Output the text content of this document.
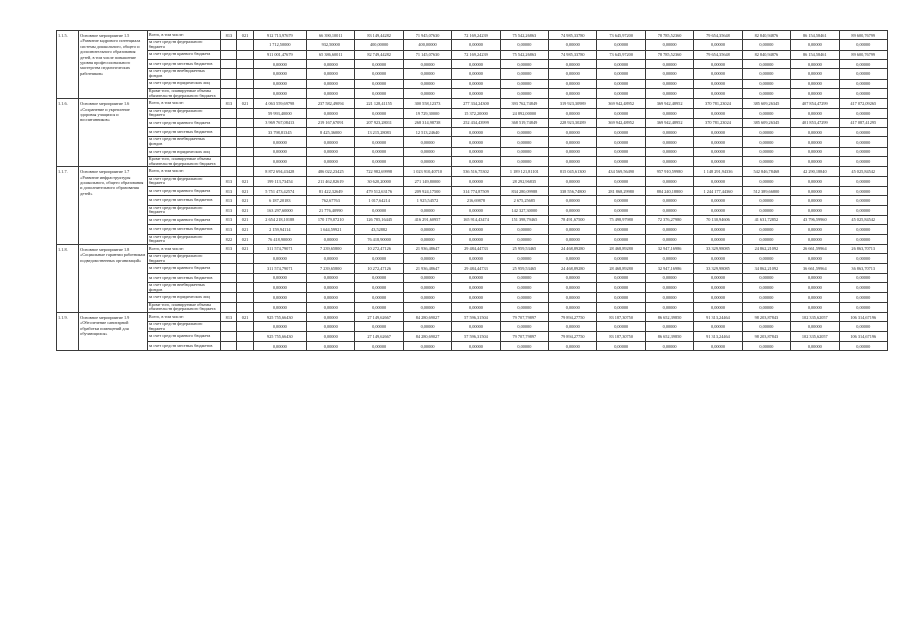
1.1.5.	Основное мероприятие 1.5 «Развитие кадрового потенциала системы дошкольного, общего и дополнительного образования детей, в том числе повышение уровня профессионального мастерства педагогических работников»	Всего, в том числе:	813	021	912 713,97679	66 390,10011	83 149,44282	71 945,07630	72 169,24239	75 542,26863	74 985,33780	73 645,97200	78 785,52360	79 654,35648	82 840,94876	86 154,58461	89 600,76799
		за счет средств федерального бюджета			1 712,50000	932,50000	400,00000	400,00000	0,00000	0,00000	0,00000	0,00000	0,00000	0,00000	0,00000	0,00000	0,00000
		за счет средств краевого бюджета			911 001,47679	65 386,60011	82 749,44282	71 145,07630	72 169,24239	75 542,26863	74 985,33780	73 645,97200	78 785,52360	79 654,35648	82 840,94876	86 154,58461	89 600,76799
		за счет средств местных бюджетов			0,00000	0,00000	0,00000	0,00000	0,00000	0,00000	0,00000	0,00000	0,00000	0,00000	0,00000	0,00000	0,00000
		за счет средств внебюджетных фондов			0,00000	0,00000	0,00000	0,00000	0,00000	0,00000	0,00000	0,00000	0,00000	0,00000	0,00000	0,00000	0,00000
		за счет средств юридических лиц			0,00000	0,00000	0,00000	0,00000	0,00000	0,00000	0,00000	0,00000	0,00000	0,00000	0,00000	0,00000	0,00000
		Кроме того, планируемые объемы обязательств федерального бюджета			0,00000	0,00000	0,00000	0,00000	0,00000	0,00000	0,00000	0,00000	0,00000	0,00000	0,00000	0,00000	0,00000
1.1.6.	Основное мероприятие 1.6 «Сохранение и укрепление здоровья учащихся и воспитанников»	Всего, в том числе:	813	021	4 063 559,69798	237 582,49094	221 128,41155	300 558,12373	277 334,24300	393 762,74849	319 923,30989	369 942,48952	369 942,48952	370 781,23024	385 609,26345	407 854,47299	417 072,09265
		за счет средств федерального бюджета			59 993,40000	0,00000	0,00000	19 729,30000	15 372,20000	24 892,00000	0,00000	0,00000	0,00000	0,00000	0,00000	0,00000	0,00000
		за счет средств краевого бюджета			3 969 767,08413	219 167,67091	207 923,28011	268 314,98738	252 434,43999	368 519,74849	228 923,30289	369 942,48952	369 942,48952	370 781,23024	385 609,26345	401 853,47299	417 087,41295
		за счет средств местных бюджетов			33 798,81345	8 425,36000	13 215,28083	12 513,24640	0,00000	0,00000	0,00000	0,00000	0,00000	0,00000	0,00000	0,00000	0,00000
		за счет средств внебюджетных фондов			0,00000	0,00000	0,00000	0,00000	0,00000	0,00000	0,00000	0,00000	0,00000	0,00000	0,00000	0,00000	0,00000
		за счет средств юридических лиц			0,00000	0,00000	0,00000	0,00000	0,00000	0,00000	0,00000	0,00000	0,00000	0,00000	0,00000	0,00000	0,00000
		Кроме того, планируемые объемы обязательств федерального бюджета			0,00000	0,00000	0,00000	0,00000	0,00000	0,00000	0,00000	0,00000	0,00000	0,00000	0,00000	0,00000	0,00000
1.1.7.	Основное мероприятие 1.7 «Развитие инфраструктуры дошкольного, общего образования и дополнительного образования детей»	Всего, в том числе:			8 872 694,43428	486 022,23425	722 982,69998	1 023 910,40710	536 516,75302	1 189 121,81101	815 045,61300	434 569,56490	957 910,59980	1 148 291,94336	542 846,78468	42 290,18840	45 025,84542
		за счет средств федерального бюджета	813	021	199 113,73454	211 462,82619	30 620,20000	271 149,80000	0,00000	28 292,96835	0,00000	0,00000	0,00000	0,00000	0,00000	0,00000	0,00000
		за счет средств краевого бюджета	813	021	5 751 473,42574	81 422,32649	479 512,63176	209 924,17500	314 774,87509	834 280,09988	338 556,74800	281 868,29980	884 240,18800	1 244 177,44360	512 389,66800	0,00000	0,00000
		за счет средств местных бюджетов	813	021	6 187,20183	762,67763	1 017,64214	1 925,54572	216,69878	2 675,25685	0,00000	0,00000	0,00000	0,00000	0,00000	0,00000	0,00000
		за счет средств федерального бюджета	813	021	163 297,60000	21 776,40990	0,00000	0,00000	0,00000	142 327,30000	0,00000	0,00000	0,00000	0,00000	0,00000	0,00000	0,00000
		за счет средств краевого бюджета	813	021	2 654 218,10188	170 179,07210	126 785,16445	416 291,60957	165 914,43474	151 398,79465	78 491,67500	75 498,97980	72 376,27980	70 130,94606	41 631,72852	43 796,59960	45 025,84542
		за счет средств местных бюджетов	813	021	2 159,94114	1 644,59921	43,52882	0,00000	0,00000	0,00000	0,00000	0,00000	0,00000	0,00000	0,00000	0,00000	0,00000
		за счет средств федерального бюджета	822	021	76 418,90000	0,00000	76 418,90000	0,00000	0,00000	0,00000	0,00000	0,00000	0,00000	0,00000	0,00000	0,00000	0,00000
1.1.8.	Основное мероприятие 1.8 «Социальные гарантии работникам подведомственных организаций»	Всего, в том числе:	813	021	311 574,79071	7 239,65800	10 272,47126	21 936,48647	29 484,44733	25 959,53465	24 468,89280	28 468,89280	32 947,16986	33 329,98085	24 862,21092	26 661,59964	26 863,70713
		за счет средств федерального бюджета			0,00000	0,00000	0,00000	0,00000	0,00000	0,00000	0,00000	0,00000	0,00000	0,00000	0,00000	0,00000	0,00000
		за счет средств краевого бюджета			311 574,79071	7 239,65800	10 272,47126	21 936,48647	29 484,44733	25 959,53465	24 468,89280	28 468,89280	32 947,16986	33 329,98085	34 862,21092	36 661,59964	36 863,70713
		за счет средств местных бюджетов			0,00000	0,00000	0,00000	0,00000	0,00000	0,00000	0,00000	0,00000	0,00000	0,00000	0,00000	0,00000	0,00000
		за счет средств внебюджетных фондов			0,00000	0,00000	0,00000	0,00000	0,00000	0,00000	0,00000	0,00000	0,00000	0,00000	0,00000	0,00000	0,00000
		за счет средств юридических лиц			0,00000	0,00000	0,00000	0,00000	0,00000	0,00000	0,00000	0,00000	0,00000	0,00000	0,00000	0,00000	0,00000
		Кроме того, планируемые объемы обязательств федерального бюджета			0,00000	0,00000	0,00000	0,00000	0,00000	0,00000	0,00000	0,00000	0,00000	0,00000	0,00000	0,00000	0,00000
1.1.9.	Основное мероприятие 1.9 «Обеспечение санитарной обработки помещений для обучающихся»	Всего, в том числе:	813	021	925 755,66430	0,00000	27 149,62667	84 280,69027	57 596,31504	79 707,79897	79 894,27750	83 187,30750	86 652,39850	91 313,24464	98 203,87843	102 335,62057	106 314,67196
		за счет средств федерального бюджета			0,00000	0,00000	0,00000	0,00000	0,00000	0,00000	0,00000	0,00000	0,00000	0,00000	0,00000	0,00000	0,00000
		за счет средств краевого бюджета			925 755,66430	0,00000	27 149,62667	84 280,69027	57 596,31504	79 707,79897	79 894,27750	83 187,30750	86 652,39850	91 313,24464	98 203,87843	102 335,62057	106 314,67196
		за счет средств местных бюджетов			0,00000	0,00000	0,00000	0,00000	0,00000	0,00000	0,00000	0,00000	0,00000	0,00000	0,00000	0,00000	0,00000
